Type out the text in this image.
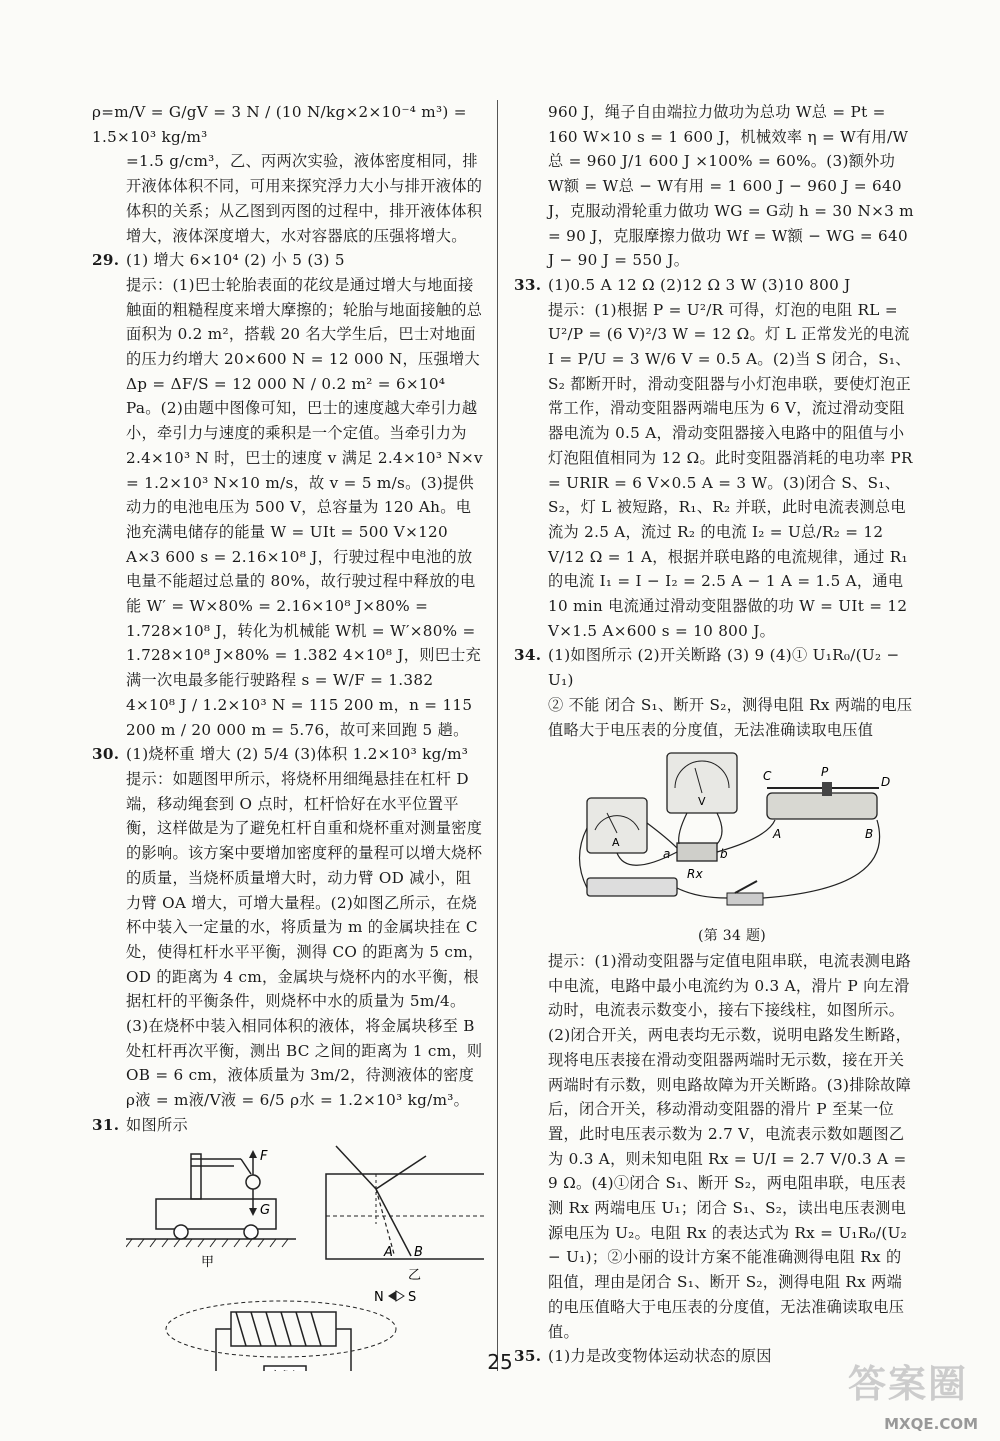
ρ=m/V = G/gV = 3 N / (10 N/kg×2×10⁻⁴ m³) = 1.5×10³ kg/m³

=1.5 g/cm³，乙、丙两次实验，液体密度相同，排开液体体积不同，可用来探究浮力大小与排开液体的体积的关系；从乙图到丙图的过程中，排开液体体积增大，液体深度增大，水对容器底的压强将增大。

29. (1) 增大 6×10⁴ (2) 小 5 (3) 5

提示：(1)巴士轮胎表面的花纹是通过增大与地面接触面的粗糙程度来增大摩擦的；轮胎与地面接触的总面积为 0.2 m²，搭载 20 名大学生后，巴士对地面的压力约增大 20×600 N = 12 000 N，压强增大 Δp = ΔF/S = 12 000 N / 0.2 m² = 6×10⁴ Pa。(2)由题中图像可知，巴士的速度越大牵引力越小，牵引力与速度的乘积是一个定值。当牵引力为 2.4×10³ N 时，巴士的速度 v 满足 2.4×10³ N×v = 1.2×10³ N×10 m/s，故 v = 5 m/s。(3)提供动力的电池电压为 500 V，总容量为 120 Ah。电池充满电储存的能量 W = UIt = 500 V×120 A×3 600 s = 2.16×10⁸ J，行驶过程中电池的放电量不能超过总量的 80%，故行驶过程中释放的电能 W′ = W×80% = 2.16×10⁸ J×80% = 1.728×10⁸ J，转化为机械能 W机 = W′×80% = 1.728×10⁸ J×80% = 1.382 4×10⁸ J，则巴士充满一次电最多能行驶路程 s = W/F = 1.382 4×10⁸ J / 1.2×10³ N = 115 200 m，n = 115 200 m / 20 000 m = 5.76，故可来回跑 5 趟。

30. (1)烧杯重 增大 (2) 5/4 (3)体积 1.2×10³ kg/m³

提示：如题图甲所示，将烧杯用细绳悬挂在杠杆 D 端，移动绳套到 O 点时，杠杆恰好在水平位置平衡，这样做是为了避免杠杆自重和烧杯重对测量密度的影响。该方案中要增加密度秤的量程可以增大烧杯的质量，当烧杯质量增大时，动力臂 OD 减小，阻力臂 OA 增大，可增大量程。(2)如图乙所示，在烧杯中装入一定量的水，将质量为 m 的金属块挂在 C 处，使得杠杆水平平衡，测得 CO 的距离为 5 cm，OD 的距离为 4 cm，金属块与烧杯内的水平衡，根据杠杆的平衡条件，则烧杯中水的质量为 5m/4。(3)在烧杯中装入相同体积的液体，将金属块移至 B 处杠杆再次平衡，测出 BC 之间的距离为 1 cm，则 OB = 6 cm，液体质量为 3m/2，待测液体的密度 ρ液 = m液/V液 = 6/5 ρ水 = 1.2×10³ kg/m³。

31. 如图所示

F
G
甲
A B
乙
N S

960 J，绳子自由端拉力做功为总功 W总 = Pt = 160 W×10 s = 1 600 J，机械效率 η = W有用/W总 = 960 J/1 600 J ×100% = 60%。(3)额外功 W额 = W总 − W有用 = 1 600 J − 960 J = 640 J，克服动滑轮重力做功 WG = G动 h = 30 N×3 m = 90 J，克服摩擦力做功 Wf = W额 − WG = 640 J − 90 J = 550 J。

33. (1)0.5 A 12 Ω (2)12 Ω 3 W (3)10 800 J

提示：(1)根据 P = U²/R 可得，灯泡的电阻 RL = U²/P = (6 V)²/3 W = 12 Ω。灯 L 正常发光的电流 I = P/U = 3 W/6 V = 0.5 A。(2)当 S 闭合，S₁、S₂ 都断开时，滑动变阻器与小灯泡串联，要使灯泡正常工作，滑动变阻器两端电压为 6 V，流过滑动变阻器电流为 0.5 A，滑动变阻器接入电路中的阻值与小灯泡阻值相同为 12 Ω。此时变阻器消耗的电功率 PR = URIR = 6 V×0.5 A = 3 W。(3)闭合 S、S₁、S₂，灯 L 被短路，R₁、R₂ 并联，此时电流表测总电流为 2.5 A，流过 R₂ 的电流 I₂ = U总/R₂ = 12 V/12 Ω = 1 A，根据并联电路的电流规律，通过 R₁ 的电流 I₁ = I − I₂ = 2.5 A − 1 A = 1.5 A，通电 10 min 电流通过滑动变阻器做的功 W = UIt = 12 V×1.5 A×600 s = 10 800 J。

34. (1)如图所示 (2)开关断路 (3) 9 (4)① U₁R₀/(U₂ − U₁)

② 不能 闭合 S₁、断开 S₂，测得电阻 Rx 两端的电压值略大于电压表的分度值，无法准确读取电压值

A
V
a	b
Rx
C	P
D
A	B
(第 34 题)

提示：(1)滑动变阻器与定值电阻串联，电流表测电路中电流，电路中最小电流约为 0.3 A，滑片 P 向左滑动时，电流表示数变小，接右下接线柱，如图所示。(2)闭合开关，两电表均无示数，说明电路发生断路，现将电压表接在滑动变阻器两端时无示数，接在开关两端时有示数，则电路故障为开关断路。(3)排除故障后，闭合开关，移动滑动变阻器的滑片 P 至某一位置，此时电压表示数为 2.7 V，电流表示数如题图乙为 0.3 A，则未知电阻 Rx = U/I = 2.7 V/0.3 A = 9 Ω。(4)①闭合 S₁、断开 S₂，两电阻串联，电压表测 Rx 两端电压 U₁；闭合 S₁、S₂，读出电压表测电源电压为 U₂。电阻 Rx 的表达式为 Rx = U₁R₀/(U₂ − U₁)；②小丽的设计方案不能准确测得电阻 Rx 的阻值，理由是闭合 S₁、断开 S₂，测得电阻 Rx 两端的电压值略大于电压表的分度值，无法准确读取电压值。

35. (1)力是改变物体运动状态的原因

25	答案圈
MXQE.COM
